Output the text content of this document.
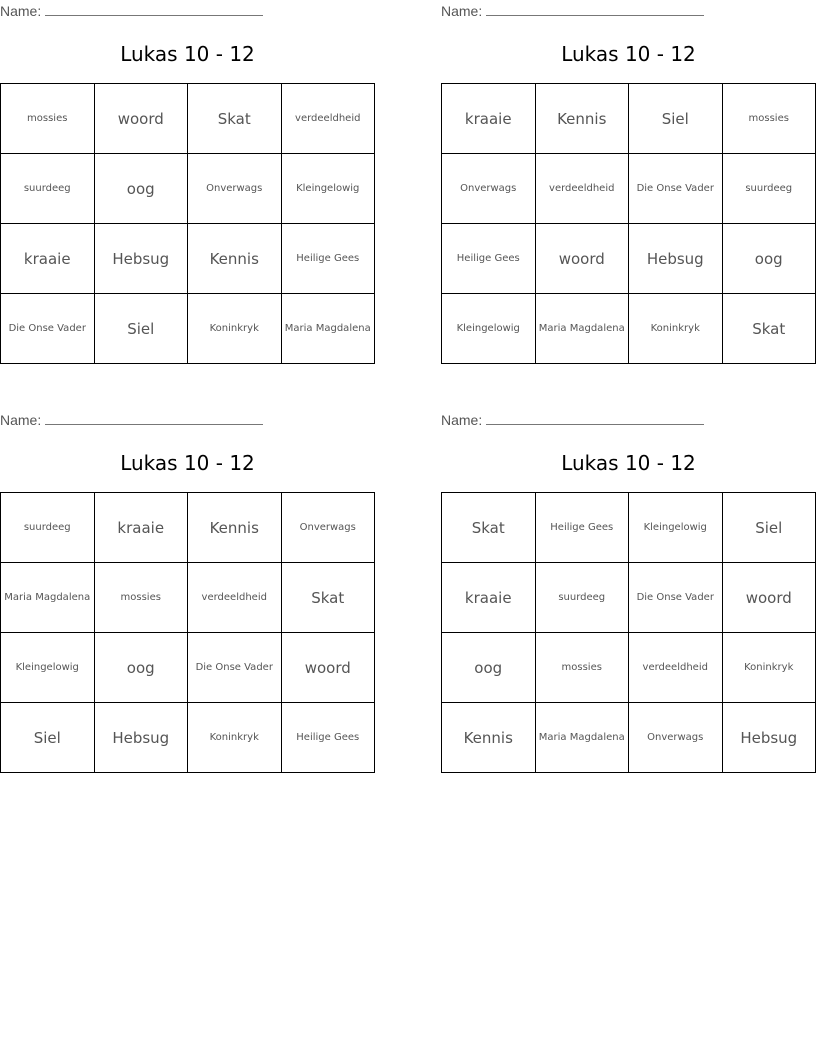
Name:
Lukas 10 - 12
mossies	woord	Skat	verdeeldheid
suurdeeg	oog	Onverwags	Kleingelowig
kraaie	Hebsug	Kennis	Heilige Gees
Die Onse Vader	Siel	Koninkryk	Maria Magdalena
Name:
Lukas 10 - 12
kraaie	Kennis	Siel	mossies
Onverwags	verdeeldheid	Die Onse Vader	suurdeeg
Heilige Gees	woord	Hebsug	oog
Kleingelowig	Maria Magdalena	Koninkryk	Skat
Name:
Lukas 10 - 12
suurdeeg	kraaie	Kennis	Onverwags
Maria Magdalena	mossies	verdeeldheid	Skat
Kleingelowig	oog	Die Onse Vader	woord
Siel	Hebsug	Koninkryk	Heilige Gees
Name:
Lukas 10 - 12
Skat	Heilige Gees	Kleingelowig	Siel
kraaie	suurdeeg	Die Onse Vader	woord
oog	mossies	verdeeldheid	Koninkryk
Kennis	Maria Magdalena	Onverwags	Hebsug
